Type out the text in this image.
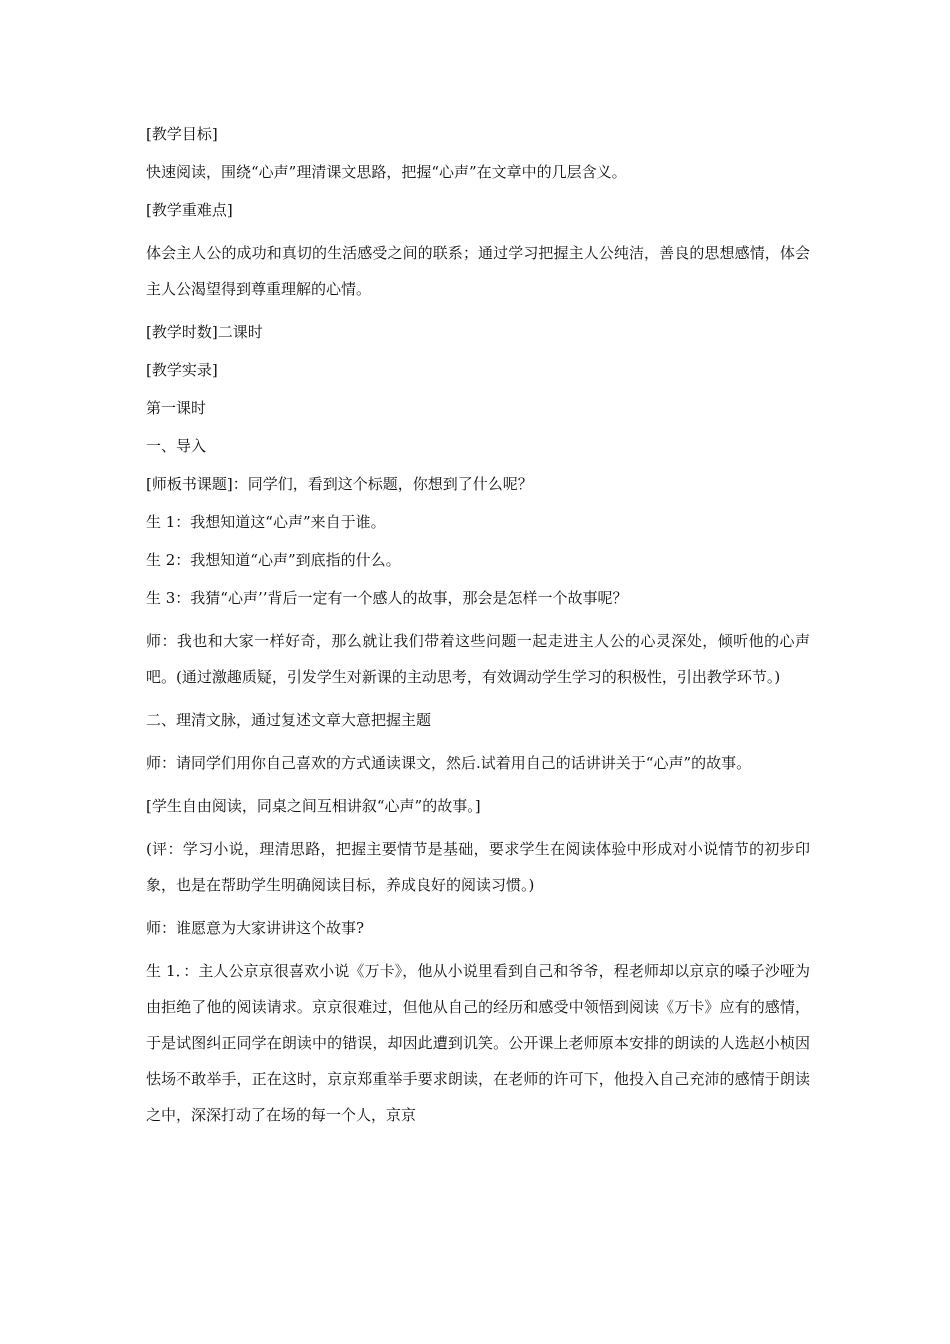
[教学目标]

快速阅读，围绕“心声”理清课文思路，把握“心声”在文章中的几层含义。

[教学重难点]

体会主人公的成功和真切的生活感受之间的联系；通过学习把握主人公纯洁，善良的思想感情，体会主人公渴望得到尊重理解的心情。

[教学时数]二课时

[教学实录]

第一课时

一、导入

[师板书课题]：同学们，看到这个标题，你想到了什么呢？

生 1：我想知道这“心声”来自于谁。

生 2：我想知道“心声”到底指的什么。

生 3：我猜“心声’’背后一定有一个感人的故事，那会是怎样一个故事呢？

师：我也和大家一样好奇，那么就让我们带着这些问题一起走进主人公的心灵深处，倾听他的心声吧。(通过激趣质疑，引发学生对新课的主动思考，有效调动学生学习的积极性，引出教学环节。)

二、理清文脉，通过复述文章大意把握主题

师：请同学们用你自己喜欢的方式通读课文，然后.试着用自己的话讲讲关于“心声”的故事。

[学生自由阅读，同桌之间互相讲叙“心声”的故事。]

(评：学习小说，理清思路，把握主要情节是基础，要求学生在阅读体验中形成对小说情节的初步印象，也是在帮助学生明确阅读目标，养成良好的阅读习惯。)

师：谁愿意为大家讲讲这个故事?

生 1．：主人公京京很喜欢小说《万卡》，他从小说里看到自己和爷爷，程老师却以京京的嗓子沙哑为由拒绝了他的阅读请求。京京很难过，但他从自己的经历和感受中领悟到阅读《万卡》应有的感情，于是试图纠正同学在朗读中的错误，却因此遭到讥笑。公开课上老师原本安排的朗读的人选赵小桢因怯场不敢举手，正在这时，京京郑重举手要求朗读，在老师的许可下，他投入自己充沛的感情于朗读之中，深深打动了在场的每一个人，京京
